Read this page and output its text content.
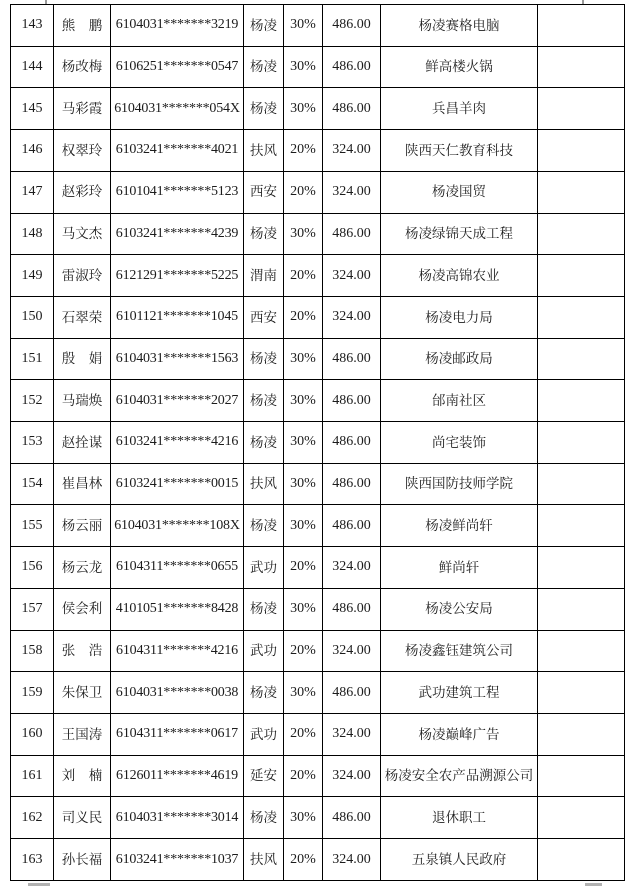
143	熊　鹏	6104031*******3219	杨凌	30%	486.00	杨凌赛格电脑	
144	杨改梅	6106251*******0547	杨凌	30%	486.00	鲜高楼火锅	
145	马彩霞	6104031*******054X	杨凌	30%	486.00	兵昌羊肉	
146	权翠玲	6103241*******4021	扶风	20%	324.00	陕西天仁教育科技	
147	赵彩玲	6101041*******5123	西安	20%	324.00	杨凌国贸	
148	马文杰	6103241*******4239	杨凌	30%	486.00	杨凌绿锦天成工程	
149	雷淑玲	6121291*******5225	渭南	20%	324.00	杨凌高锦农业	
150	石翠荣	6101121*******1045	西安	20%	324.00	杨凌电力局	
151	殷　娟	6104031*******1563	杨凌	30%	486.00	杨凌邮政局	
152	马瑞焕	6104031*******2027	杨凌	30%	486.00	邰南社区	
153	赵拴谋	6103241*******4216	杨凌	30%	486.00	尚宅装饰	
154	崔昌林	6103241*******0015	扶风	30%	486.00	陕西国防技师学院	
155	杨云丽	6104031*******108X	杨凌	30%	486.00	杨凌鲜尚轩	
156	杨云龙	6104311*******0655	武功	20%	324.00	鲜尚轩	
157	侯会利	4101051*******8428	杨凌	30%	486.00	杨凌公安局	
158	张　浩	6104311*******4216	武功	20%	324.00	杨凌鑫钰建筑公司	
159	朱保卫	6104031*******0038	杨凌	30%	486.00	武功建筑工程	
160	王国涛	6104311*******0617	武功	20%	324.00	杨凌巅峰广告	
161	刘　楠	6126011*******4619	延安	20%	324.00	杨凌安全农产品溯源公司	
162	司义民	6104031*******3014	杨凌	30%	486.00	退休职工	
163	孙长福	6103241*******1037	扶风	20%	324.00	五泉镇人民政府	
